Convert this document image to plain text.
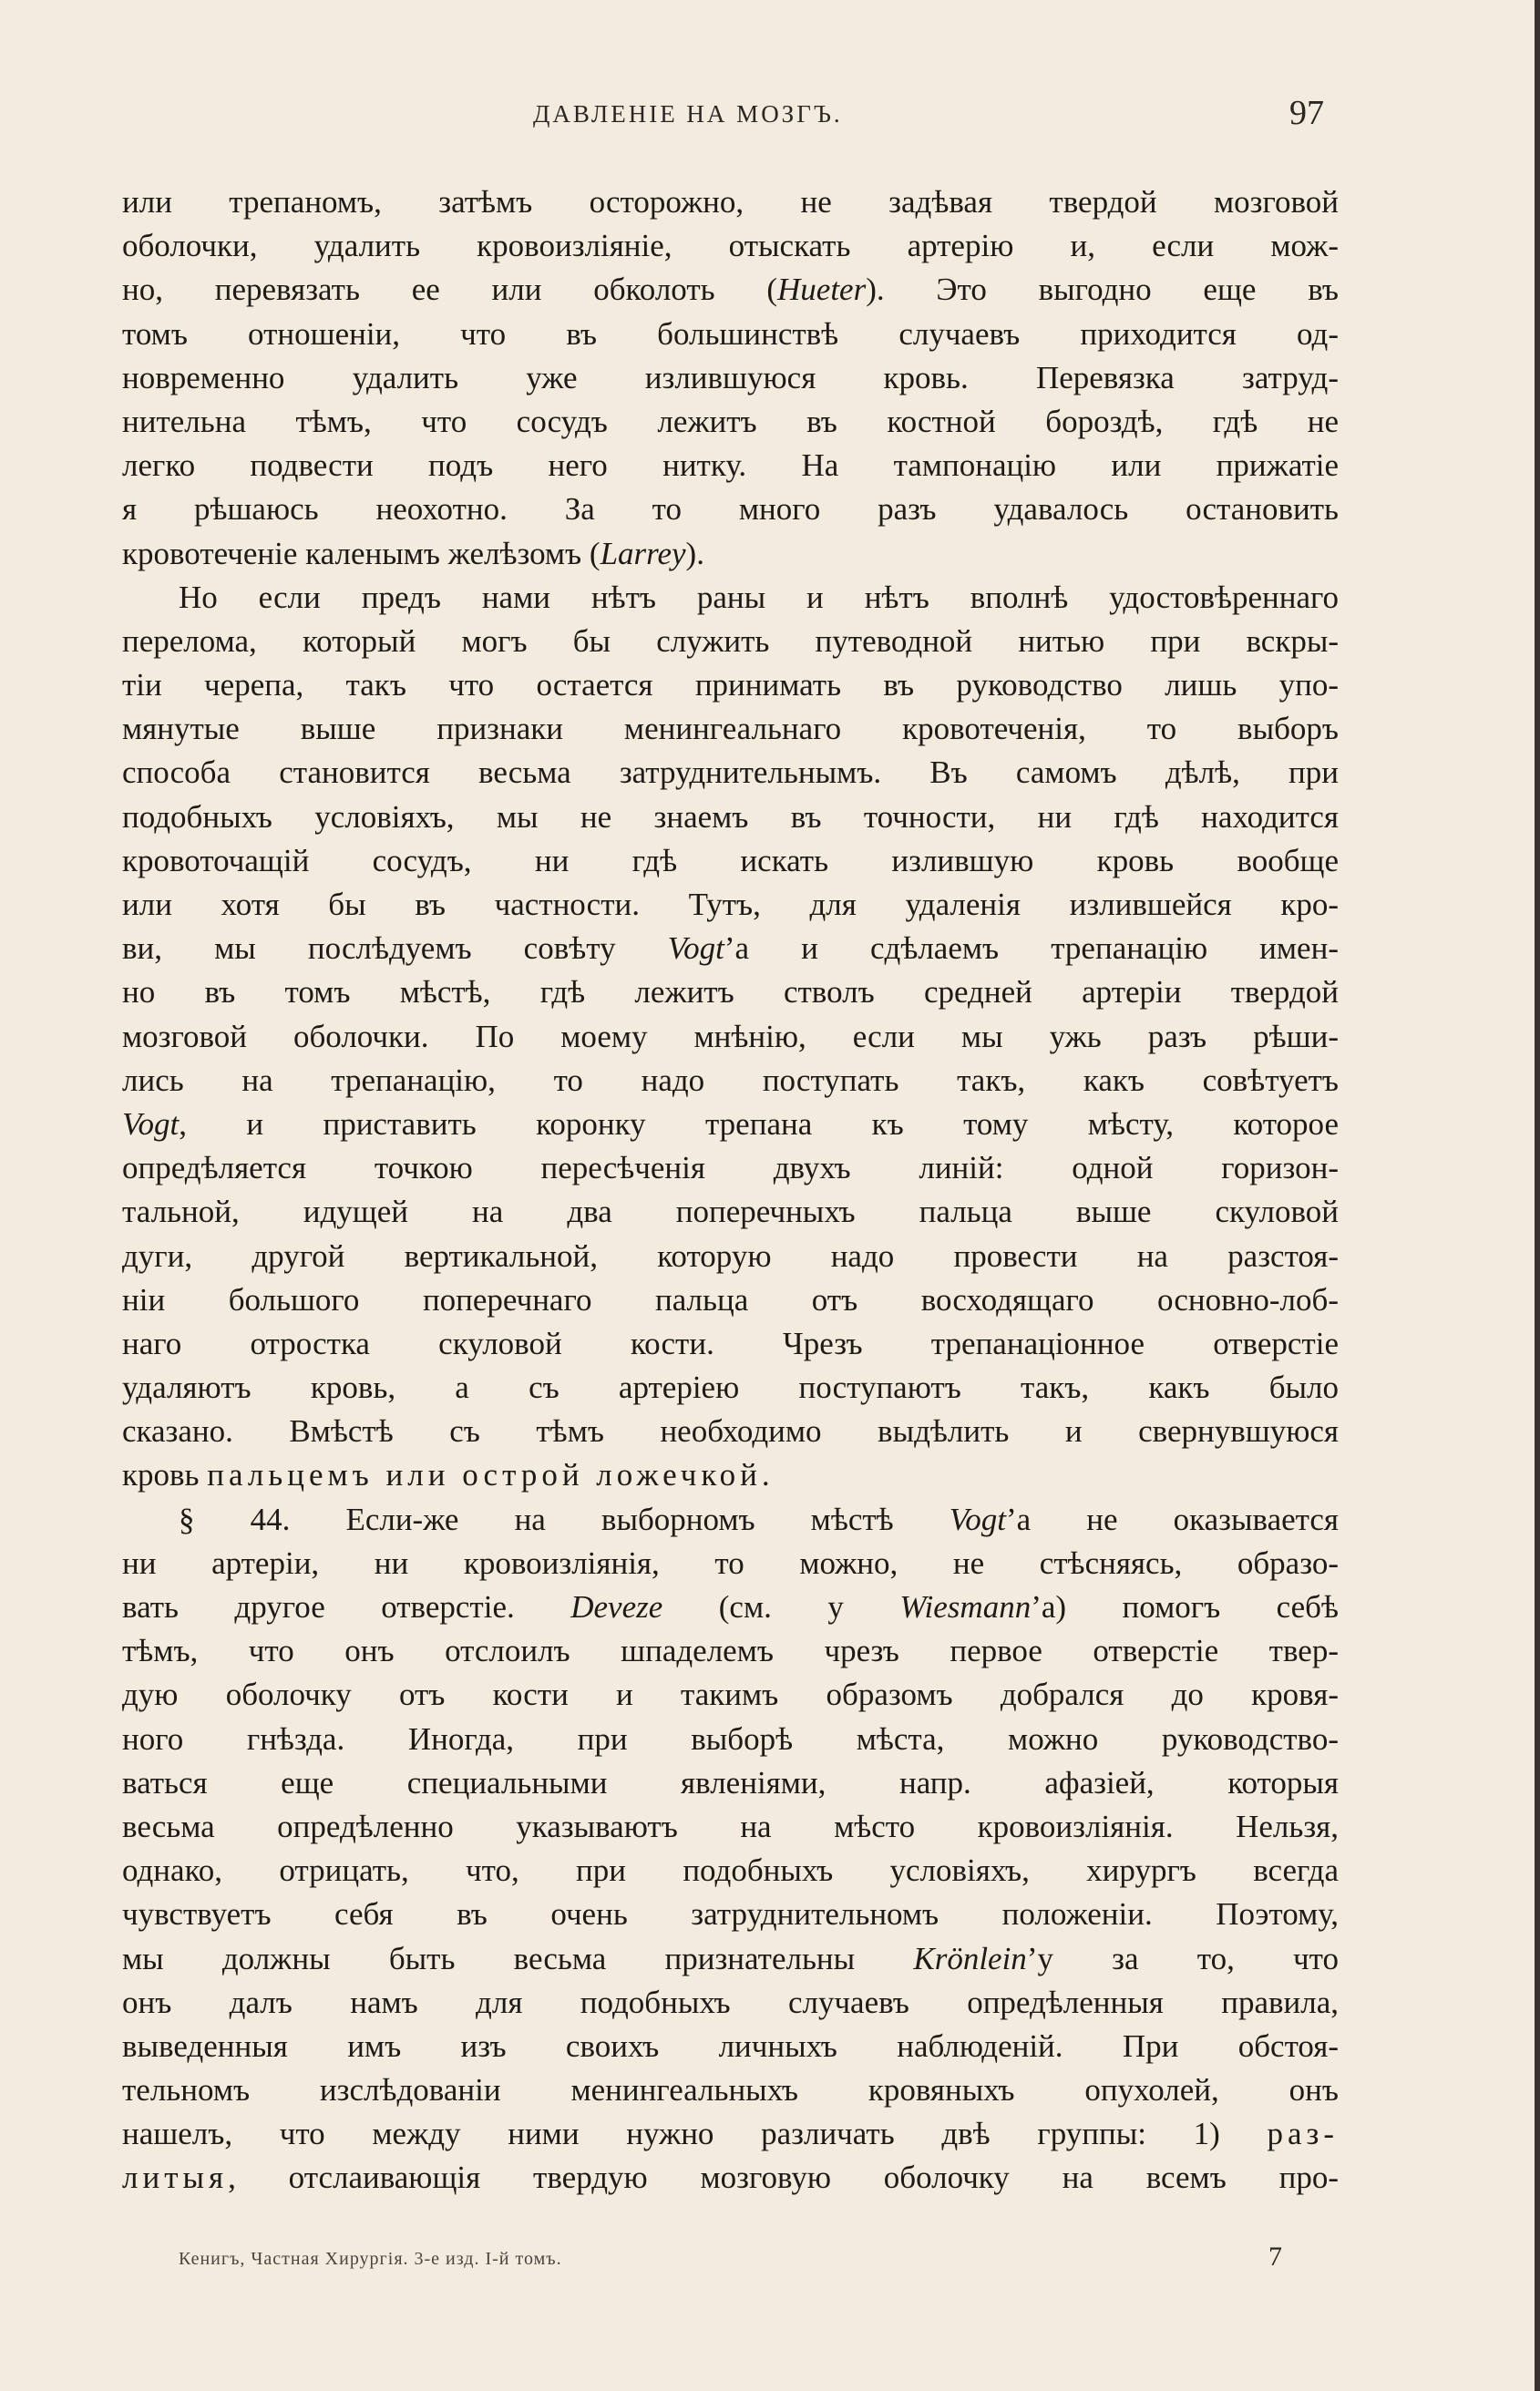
ДАВЛЕНІЕ НА МОЗГЪ.	97
или трепаномъ, затѣмъ осторожно, не задѣвая твердой мозговой
оболочки, удалить кровоизліяніе, отыскать артерію и, если мож-
но, перевязать ее или обколоть (Hueter). Это выгодно еще въ
томъ отношеніи, что въ большинствѣ случаевъ приходится од-
новременно удалить уже излившуюся кровь. Перевязка затруд-
нительна тѣмъ, что сосудъ лежитъ въ костной бороздѣ, гдѣ не
легко подвести подъ него нитку. На тампонацію или прижатіе
я рѣшаюсь неохотно. За то много разъ удавалось остановить
кровотеченіе каленымъ желѣзомъ (Larrey).
Но если предъ нами нѣтъ раны и нѣтъ вполнѣ удостовѣреннаго
перелома, который могъ бы служить путеводной нитью при вскры-
тіи черепа, такъ что остается принимать въ руководство лишь упо-
мянутые выше признаки менингеальнаго кровотеченія, то выборъ
способа становится весьма затруднительнымъ. Въ самомъ дѣлѣ, при
подобныхъ условіяхъ, мы не знаемъ въ точности, ни гдѣ находится
кровоточащій сосудъ, ни гдѣ искать излившую кровь вообще
или хотя бы въ частности. Тутъ, для удаленія излившейся кро-
ви, мы послѣдуемъ совѣту Vogt’а и сдѣлаемъ трепанацію имен-
но въ томъ мѣстѣ, гдѣ лежитъ стволъ средней артеріи твердой
мозговой оболочки. По моему мнѣнію, если мы ужь разъ рѣши-
лись на трепанацію, то надо поступать такъ, какъ совѣтуетъ
Vogt, и приставить коронку трепана къ тому мѣсту, которое
опредѣляется точкою пересѣченія двухъ линій: одной горизон-
тальной, идущей на два поперечныхъ пальца выше скуловой
дуги, другой вертикальной, которую надо провести на разстоя-
ніи большого поперечнаго пальца отъ восходящаго основно-лоб-
наго отростка скуловой кости. Чрезъ трепанаціонное отверстіе
удаляютъ кровь, а съ артеріею поступаютъ такъ, какъ было
сказано. Вмѣстѣ съ тѣмъ необходимо выдѣлить и свернувшуюся
кровь пальцемъ или острой ложечкой.
§ 44. Если-же на выборномъ мѣстѣ Vogt’а не оказывается
ни артеріи, ни кровоизліянія, то можно, не стѣсняясь, образо-
вать другое отверстіе. Deveze (см. у Wiesmann’а) помогъ себѣ
тѣмъ, что онъ отслоилъ шпаделемъ чрезъ первое отверстіе твер-
дую оболочку отъ кости и такимъ образомъ добрался до кровя-
ного гнѣзда. Иногда, при выборѣ мѣста, можно руководство-
ваться еще специальными явленіями, напр. афазіей, которыя
весьма опредѣленно указываютъ на мѣсто кровоизліянія. Нельзя,
однако, отрицать, что, при подобныхъ условіяхъ, хирургъ всегда
чувствуетъ себя въ очень затруднительномъ положеніи. Поэтому,
мы должны быть весьма признательны Krönlein’у за то, что
онъ далъ намъ для подобныхъ случаевъ опредѣленныя правила,
выведенныя имъ изъ своихъ личныхъ наблюденій. При обстоя-
тельномъ изслѣдованіи менингеальныхъ кровяныхъ опухолей, онъ
нашелъ, что между ними нужно различать двѣ группы: 1) раз-
литыя, отслаивающія твердую мозговую оболочку на всемъ про-
Кенигъ, Частная Хирургія. 3-е изд. I-й томъ.	7
